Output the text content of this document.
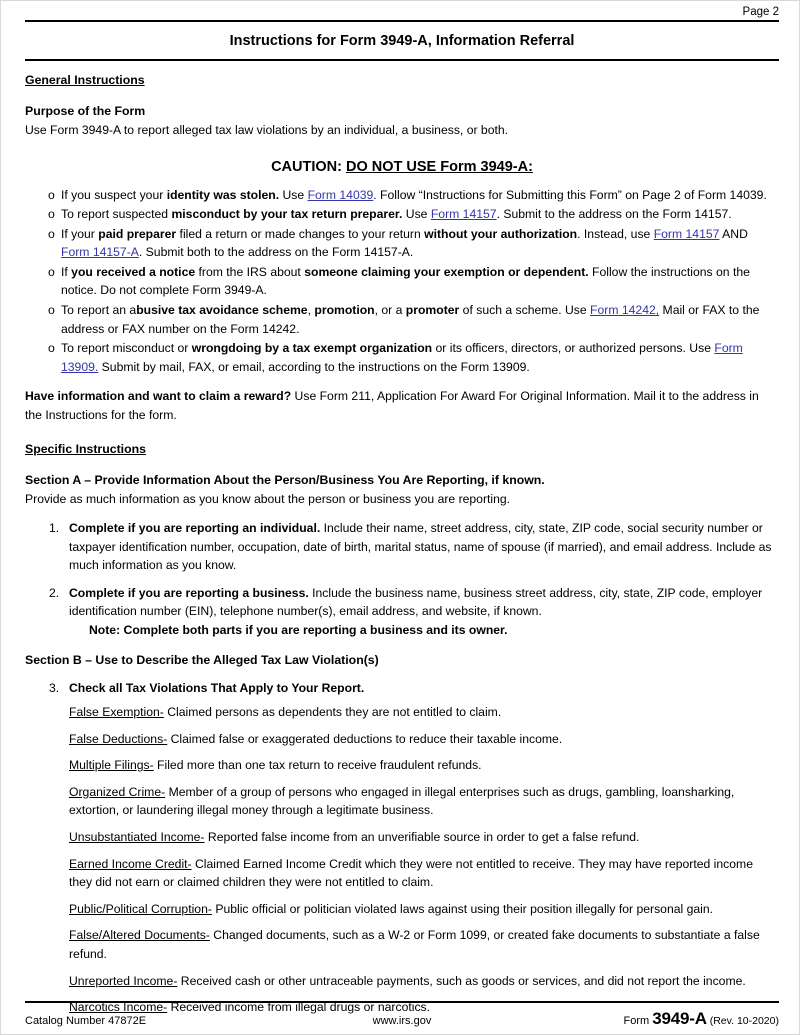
Page 2
Instructions for Form 3949-A, Information Referral
General Instructions
Purpose of the Form
Use Form 3949-A to report alleged tax law violations by an individual, a business, or both.
CAUTION: DO NOT USE Form 3949-A:
o If you suspect your identity was stolen. Use Form 14039. Follow “Instructions for Submitting this Form” on Page 2 of Form 14039.
o To report suspected misconduct by your tax return preparer. Use Form 14157. Submit to the address on the Form 14157.
o If your paid preparer filed a return or made changes to your return without your authorization. Instead, use Form 14157 AND Form 14157-A. Submit both to the address on the Form 14157-A.
o If you received a notice from the IRS about someone claiming your exemption or dependent. Follow the instructions on the notice. Do not complete Form 3949-A.
o To report an abusive tax avoidance scheme, promotion, or a promoter of such a scheme. Use Form 14242, Mail or FAX to the address or FAX number on the Form 14242.
o To report misconduct or wrongdoing by a tax exempt organization or its officers, directors, or authorized persons. Use Form 13909. Submit by mail, FAX, or email, according to the instructions on the Form 13909.
Have information and want to claim a reward? Use Form 211, Application For Award For Original Information. Mail it to the address in the Instructions for the form.
Specific Instructions
Section A – Provide Information About the Person/Business You Are Reporting, if known.
Provide as much information as you know about the person or business you are reporting.
1. Complete if you are reporting an individual. Include their name, street address, city, state, ZIP code, social security number or taxpayer identification number, occupation, date of birth, marital status, name of spouse (if married), and email address. Include as much information as you know.
2. Complete if you are reporting a business. Include the business name, business street address, city, state, ZIP code, employer identification number (EIN), telephone number(s), email address, and website, if known.
Note: Complete both parts if you are reporting a business and its owner.
Section B – Use to Describe the Alleged Tax Law Violation(s)
3. Check all Tax Violations That Apply to Your Report.
False Exemption- Claimed persons as dependents they are not entitled to claim.
False Deductions- Claimed false or exaggerated deductions to reduce their taxable income.
Multiple Filings- Filed more than one tax return to receive fraudulent refunds.
Organized Crime- Member of a group of persons who engaged in illegal enterprises such as drugs, gambling, loansharking, extortion, or laundering illegal money through a legitimate business.
Unsubstantiated Income- Reported false income from an unverifiable source in order to get a false refund.
Earned Income Credit- Claimed Earned Income Credit which they were not entitled to receive. They may have reported income they did not earn or claimed children they were not entitled to claim.
Public/Political Corruption- Public official or politician violated laws against using their position illegally for personal gain.
False/Altered Documents- Changed documents, such as a W-2 or Form 1099, or created fake documents to substantiate a false refund.
Unreported Income- Received cash or other untraceable payments, such as goods or services, and did not report the income.
Narcotics Income- Received income from illegal drugs or narcotics.
Catalog Number 47872E	www.irs.gov	Form 3949-A (Rev. 10-2020)
